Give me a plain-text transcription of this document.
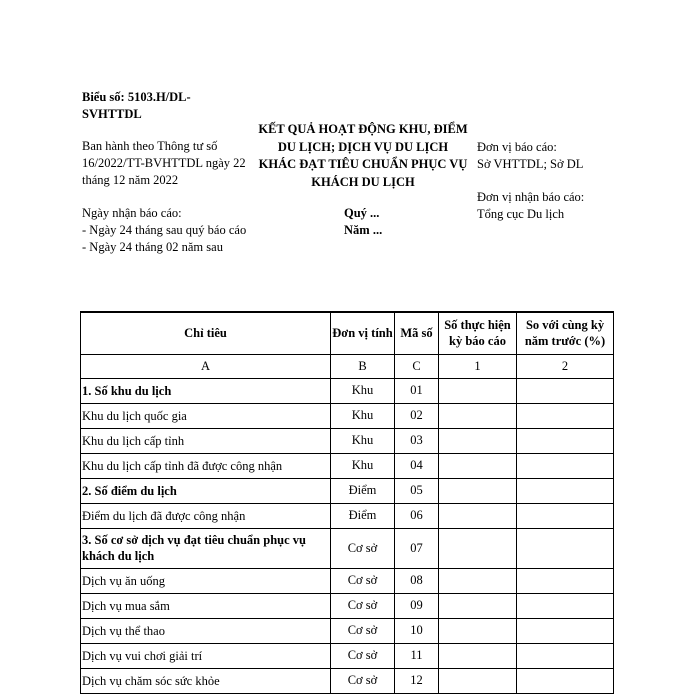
Biểu số: 5103.H/DL-SVHTTDL
Ban hành theo Thông tư số 16/2022/TT-BVHTTDL ngày 22 tháng 12 năm 2022
KẾT QUẢ HOẠT ĐỘNG KHU, ĐIỂM DU LỊCH; DỊCH VỤ DU LỊCH KHÁC ĐẠT TIÊU CHUẨN PHỤC VỤ KHÁCH DU LỊCH
Đơn vị báo cáo:
Sở VHTTDL; Sở DL
Đơn vị nhận báo cáo:
Tổng cục Du lịch
Ngày nhận báo cáo:
- Ngày 24 tháng sau quý báo cáo
- Ngày 24 tháng 02 năm sau
Quý ...
Năm ...
Chỉ tiêu	Đơn vị tính	Mã số	Số thực hiện kỳ báo cáo	So với cùng kỳ năm trước (%)
A	B	C	1	2
1. Số khu du lịch	Khu	01		
Khu du lịch quốc gia	Khu	02		
Khu du lịch cấp tỉnh	Khu	03		
Khu du lịch cấp tỉnh đã được công nhận	Khu	04		
2. Số điểm du lịch	Điểm	05		
Điểm du lịch đã được công nhận	Điểm	06		
3. Số cơ sở dịch vụ đạt tiêu chuẩn phục vụ khách du lịch	Cơ sở	07		
Dịch vụ ăn uống	Cơ sở	08		
Dịch vụ mua sắm	Cơ sở	09		
Dịch vụ thể thao	Cơ sở	10		
Dịch vụ vui chơi giải trí	Cơ sở	11		
Dịch vụ chăm sóc sức khỏe	Cơ sở	12		
